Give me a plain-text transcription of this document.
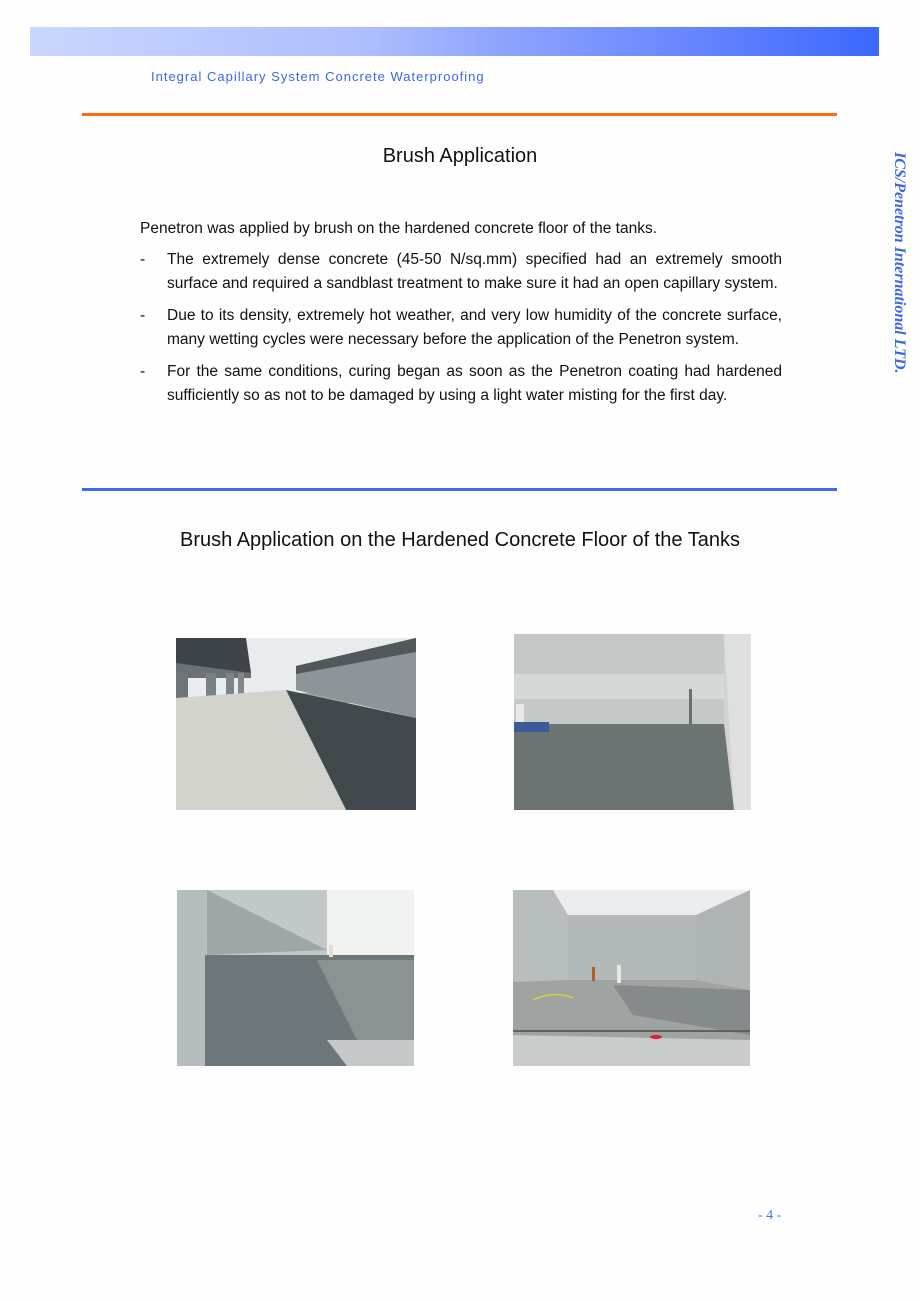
Integral Capillary System Concrete Waterproofing
ICS/Penetron International LTD.
Brush Application
Penetron was applied by brush on the hardened concrete floor of the tanks.
- The extremely dense concrete (45-50 N/sq.mm) specified had an extremely smooth surface and required a sandblast treatment to make sure it had an open capillary system.
- Due to its density, extremely hot weather, and very low humidity of the concrete surface, many wetting cycles were necessary before the application of the Penetron system.
- For the same conditions, curing began as soon as the Penetron coating had hardened sufficiently so as not to be damaged by using a light water misting for the first day.
Brush Application on the Hardened Concrete Floor of the Tanks
- 4 -
